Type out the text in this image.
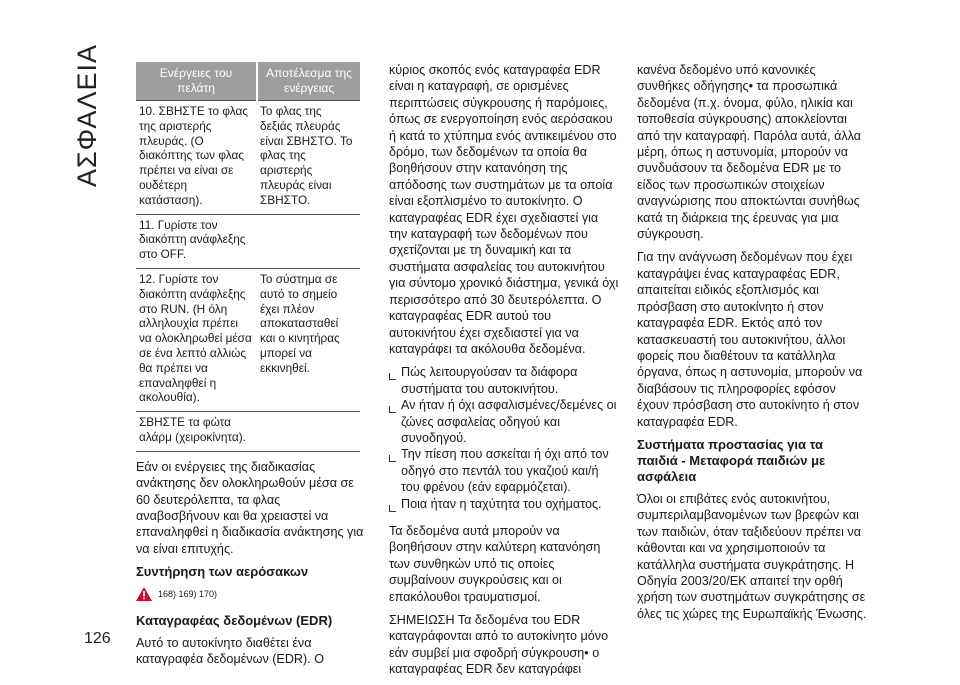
ΑΣΦΑΛΕΙΑ
126
Ενέργειες του πελάτη	Αποτέλεσμα της ενέργειας
10. ΣΒΗΣΤΕ το φλας της αριστερής πλευράς. (Ο διακόπτης των φλας πρέπει να είναι σε ουδέτερη κατάσταση).	Το φλας της δεξιάς πλευράς είναι ΣΒΗΣΤΟ. Το φλας της αριστερής πλευράς είναι ΣΒΗΣΤΟ.
11. Γυρίστε τον διακόπτη ανάφλεξης στο OFF.	
12. Γυρίστε τον διακόπτη ανάφλεξης στο RUN. (Η όλη αλληλουχία πρέπει να ολοκληρωθεί μέσα σε ένα λεπτό αλλιώς θα πρέπει να επαναληφθεί η ακολουθία).	Το σύστημα σε αυτό το σημείο έχει πλέον αποκατασταθεί και ο κινητήρας μπορεί να εκκινηθεί.
ΣΒΗΣΤΕ τα φώτα αλάρμ (χειροκίνητα).	

Εάν οι ενέργειες της διαδικασίας ανάκτησης δεν ολοκληρωθούν μέσα σε 60 δευτερόλεπτα, τα φλας αναβοσβήνουν και θα χρειαστεί να επαναληφθεί η διαδικασία ανάκτησης για να είναι επιτυχής.

Συντήρηση των αερόσακων
168) 169) 170)
Καταγραφέας δεδομένων (EDR)

Αυτό το αυτοκίνητο διαθέτει ένα καταγραφέα δεδομένων (EDR). Ο

κύριος σκοπός ενός καταγραφέα EDR είναι η καταγραφή, σε ορισμένες περιπτώσεις σύγκρουσης ή παρόμοιες, όπως σε ενεργοποίηση ενός αερόσακου ή κατά το χτύπημα ενός αντικειμένου στο δρόμο, των δεδομένων τα οποία θα βοηθήσουν στην κατανόηση της απόδοσης των συστημάτων με τα οποία είναι εξοπλισμένο το αυτοκίνητο. Ο καταγραφέας EDR έχει σχεδιαστεί για την καταγραφή των δεδομένων που σχετίζονται με τη δυναμική και τα συστήματα ασφαλείας του αυτοκινήτου για σύντομο χρονικό διάστημα, γενικά όχι περισσότερο από 30 δευτερόλεπτα. Ο καταγραφέας EDR αυτού του αυτοκινήτου έχει σχεδιαστεί για να καταγράφει τα ακόλουθα δεδομένα.

Πώς λειτουργούσαν τα διάφορα συστήματα του αυτοκινήτου.
Αν ήταν ή όχι ασφαλισμένες/δεμένες οι ζώνες ασφαλείας οδηγού και συνοδηγού.
Την πίεση που ασκείται ή όχι από τον οδηγό στο πεντάλ του γκαζιού και/ή του φρένου (εάν εφαρμόζεται).
Ποια ήταν η ταχύτητα του οχήματος.

Τα δεδομένα αυτά μπορούν να βοηθήσουν στην καλύτερη κατανόηση των συνθηκών υπό τις οποίες συμβαίνουν συγκρούσεις και οι επακόλουθοι τραυματισμοί.

ΣΗΜΕΙΩΣΗ Τα δεδομένα του EDR καταγράφονται από το αυτοκίνητο μόνο εάν συμβεί μια σφοδρή σύγκρουση• ο καταγραφέας EDR δεν καταγράφει

κανένα δεδομένο υπό κανονικές συνθήκες οδήγησης• τα προσωπικά δεδομένα (π.χ. όνομα, φύλο, ηλικία και τοποθεσία σύγκρουσης) αποκλείονται από την καταγραφή. Παρόλα αυτά, άλλα μέρη, όπως η αστυνομία, μπορούν να συνδυάσουν τα δεδομένα EDR με το είδος των προσωπικών στοιχείων αναγνώρισης που αποκτώνται συνήθως κατά τη διάρκεια της έρευνας για μια σύγκρουση.

Για την ανάγνωση δεδομένων που έχει καταγράψει ένας καταγραφέας EDR, απαιτείται ειδικός εξοπλισμός και πρόσβαση στο αυτοκίνητο ή στον καταγραφέα EDR. Εκτός από τον κατασκευαστή του αυτοκινήτου, άλλοι φορείς που διαθέτουν τα κατάλληλα όργανα, όπως η αστυνομία, μπορούν να διαβάσουν τις πληροφορίες εφόσον έχουν πρόσβαση στο αυτοκίνητο ή στον καταγραφέα EDR.

Συστήματα προστασίας για τα παιδιά - Μεταφορά παιδιών με ασφάλεια

Όλοι οι επιβάτες ενός αυτοκινήτου, συμπεριλαμβανομένων των βρεφών και των παιδιών, όταν ταξιδεύουν πρέπει να κάθονται και να χρησιμοποιούν τα κατάλληλα συστήματα συγκράτησης. Η Οδηγία 2003/20/ΕΚ απαιτεί την ορθή χρήση των συστημάτων συγκράτησης σε όλες τις χώρες της Ευρωπαϊκής Ένωσης.
